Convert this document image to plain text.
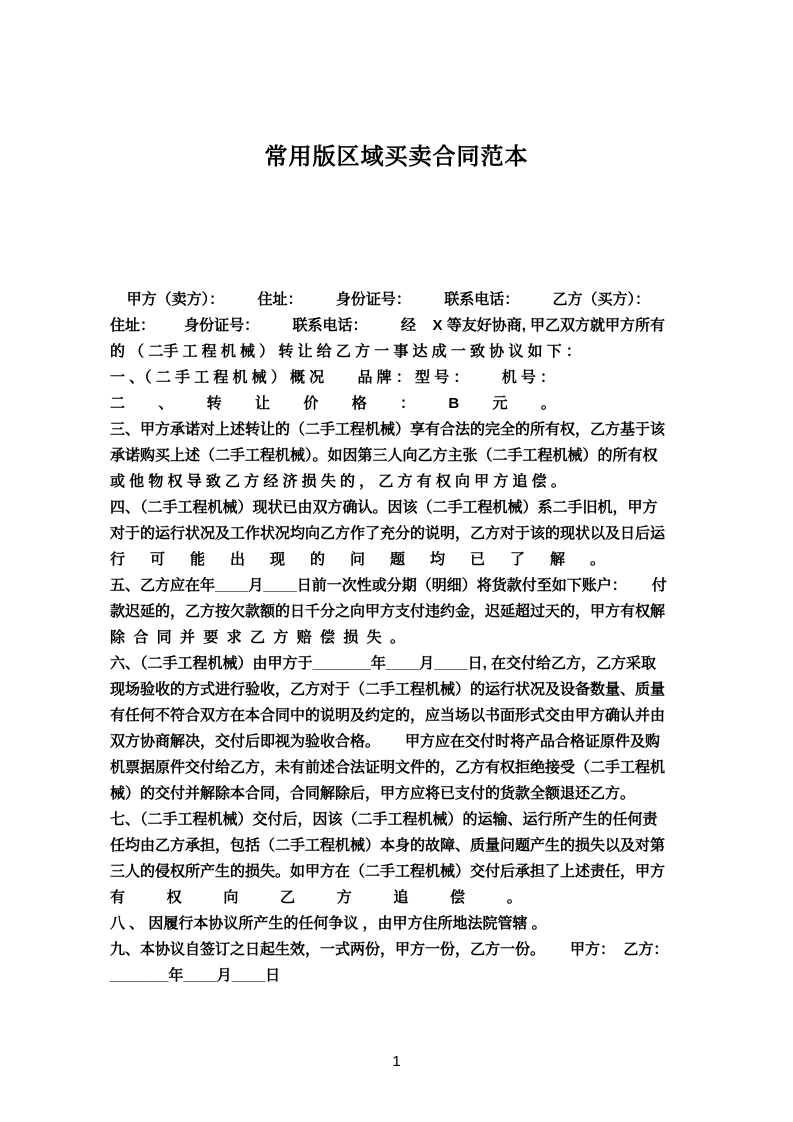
常用版区域买卖合同范本
甲方（卖方）：        住址：        身份证号：        联系电话：        乙方（买方）：
住址：       身份证号：        联系电话：        经    X 等友好协商, 甲乙双方就甲方所有
的 （ 二手 工 程 机 械 ） 转 让 给 乙 方 一 事 达 成 一 致 协 议 如 下 ：
一 、（ 二 手 工 程 机 械 ） 概 况        品 牌 ： 型 号 ：        机 号 ：
二        、        转        让        价        格        ：        B        元        。
三、甲方承诺对上述转让的（二手工程机械）享有合法的完全的所有权，乙方基于该
承诺购买上述（二手工程机械）。如因第三人向乙方主张（二手工程机械）的所有权
或 他 物 权 导 致 乙 方 经 济 损 失 的 ， 乙 方 有 权 向 甲 方 追 偿 。
四、（二手工程机械）现状已由双方确认。因该（二手工程机械）系二手旧机，甲方
对于的运行状况及工作状况均向乙方作了充分的说明，乙方对于该的现状以及日后运
行      可      能      出      现      的      问      题      均      已      了      解      。
五、乙方应在年____月____日前一次性或分期（明细）将货款付至如下账户：      付
款迟延的，乙方按欠款额的日千分之向甲方支付违约金，迟延超过天的，甲方有权解
除  合  同  并  要  求  乙  方  赔  偿  损  失  。
六、（二手工程机械）由甲方于_______年____月____日, 在交付给乙方，乙方采取
现场验收的方式进行验收，乙方对于（二手工程机械）的运行状况及设备数量、质量
有任何不符合双方在本合同中的说明及约定的，应当场以书面形式交由甲方确认并由
双方协商解决，交付后即视为验收合格。      甲方应在交付时将产品合格证原件及购
机票据原件交付给乙方，未有前述合法证明文件的，乙方有权拒绝接受（二手工程机
械）的交付并解除本合同，合同解除后，甲方应将已支付的货款全额退还乙方。
七、（二手工程机械）交付后，因该（二手工程机械）的运输、运行所产生的任何责
任均由乙方承担，包括（二手工程机械）本身的故障、质量问题产生的损失以及对第
三人的侵权所产生的损失。如甲方在（二手工程机械）交付后承担了上述责任，甲方
有          权          向          乙          方          追          偿          。
八 、 因履行本协议所产生的任何争议 ，由甲方住所地法院管辖 。
九、本协议自签订之日起生效，一式两份，甲方一份，乙方一份。      甲方：  乙方：
_______年____月____日
1
